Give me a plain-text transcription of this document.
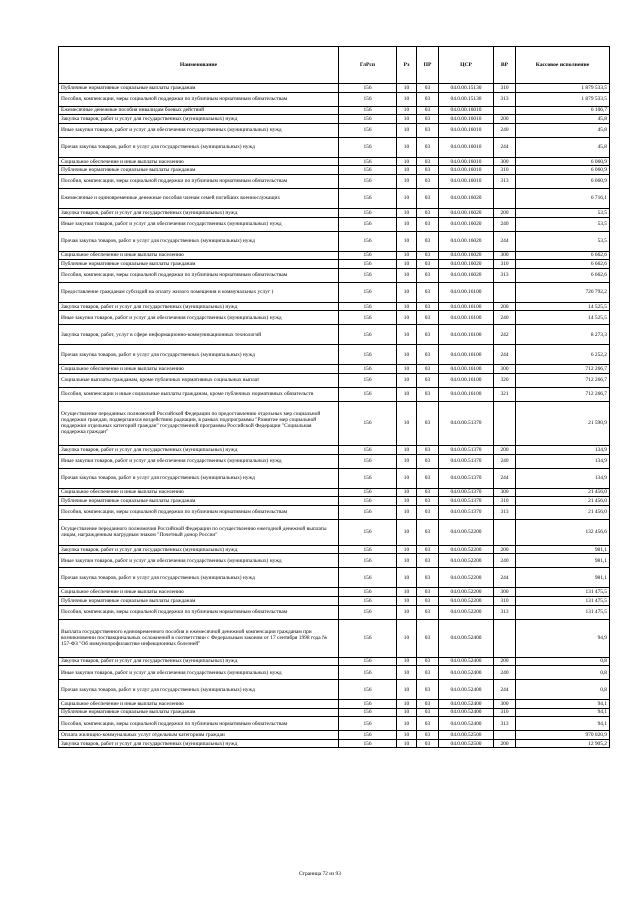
Наименование	ГлРсп	Рз	ПР	ЦСР	ВР	Кассовое исполнение
Публичные нормативные социальные выплаты гражданам	156	10	03	04.0.00.15130	310	1 879 533,5
Пособия, компенсации, меры социальной поддержки по публичным нормативным обязательствам	156	10	03	04.0.00.15130	313	1 879 533,5
Ежемесячные денежные пособия инвалидам боевых действий	156	10	03	04.0.00.16010		6 106,7
Закупка товаров, работ и услуг для государственных (муниципальных) нужд	156	10	03	04.0.00.16010	200	45,8
Иные закупки товаров, работ и услуг для обеспечения государственных (муниципальных) нужд	156	10	03	04.0.00.16010	240	45,8
Прочая закупка товаров, работ и услуг для государственных (муниципальных) нужд	156	10	03	04.0.00.16010	244	45,8
Социальное обеспечение и иные выплаты населению	156	10	03	04.0.00.16010	300	6 060,9
Публичные нормативные социальные выплаты гражданам	156	10	03	04.0.00.16010	310	6 060,9
Пособия, компенсации, меры социальной поддержки по публичным нормативным обязательствам	156	10	03	04.0.00.16010	313	6 060,9
Ежемесячные и единовременные денежные пособия членам семей погибших военнослужащих	156	10	03	04.0.00.16020		6 716,1
Закупка товаров, работ и услуг для государственных (муниципальных) нужд	156	10	03	04.0.00.16020	200	53,5
Иные закупки товаров, работ и услуг для обеспечения государственных (муниципальных) нужд	156	10	03	04.0.00.16020	240	53,5
Прочая закупка товаров, работ и услуг для государственных (муниципальных) нужд	156	10	03	04.0.00.16020	244	53,5
Социальное обеспечение и иные выплаты населению	156	10	03	04.0.00.16020	300	6 662,6
Публичные нормативные социальные выплаты гражданам	156	10	03	04.0.00.16020	310	6 662,6
Пособия, компенсации, меры социальной поддержки по публичным нормативным обязательствам	156	10	03	04.0.00.16020	313	6 662,6
Предоставление гражданам субсидий на оплату жилого помещения и коммунальных услуг )	156	10	03	04.0.00.16100		726 792,2
Закупка товаров, работ и услуг для государственных (муниципальных) нужд	156	10	03	04.0.00.16100	200	14 525,5
Иные закупки товаров, работ и услуг для обеспечения государственных (муниципальных) нужд	156	10	03	04.0.00.16100	240	14 525,5
Закупка товаров, работ, услуг в сфере информационно-коммуникационных технологий	156	10	03	04.0.00.16100	242	8 273,3
Прочая закупка товаров, работ и услуг для государственных (муниципальных) нужд	156	10	03	04.0.00.16100	244	6 252,2
Социальное обеспечение и иные выплаты населению	156	10	03	04.0.00.16100	300	712 266,7
Социальные выплаты гражданам, кроме публичных нормативных социальных выплат	156	10	03	04.0.00.16100	320	712 266,7
Пособия, компенсации и иные социальные выплаты гражданам, кроме публичных нормативных обязательств	156	10	03	04.0.00.16100	321	712 266,7
Осуществление переданных полномочий Российской Федерации по предоставлению отдельных мер социальной поддержки граждан, подвергшихся воздействию радиации, в рамках подпрограммы "Развитие мер социальной поддержки отдельных категорий граждан" государственной программы Российской Федерации "Социальная поддержка граждан"	156	10	03	04.0.00.51370		21 590,9
Закупка товаров, работ и услуг для государственных (муниципальных) нужд	156	10	03	04.0.00.51370	200	134,9
Иные закупки товаров, работ и услуг для обеспечения государственных (муниципальных) нужд	156	10	03	04.0.00.51370	240	134,9
Прочая закупка товаров, работ и услуг для государственных (муниципальных) нужд	156	10	03	04.0.00.51370	244	134,9
Социальное обеспечение и иные выплаты населению	156	10	03	04.0.00.51370	300	21 456,0
Публичные нормативные социальные выплаты гражданам	156	10	03	04.0.00.51370	310	21 456,0
Пособия, компенсации, меры социальной поддержки по публичным нормативным обязательствам	156	10	03	04.0.00.51370	313	21 456,0
Осуществление переданного полномочия Российской Федерации по осуществлению ежегодной денежной выплаты лицам, награжденным нагрудным знаком "Почетный донор России"	156	10	03	04.0.00.52200		132 456,6
Закупка товаров, работ и услуг для государственных (муниципальных) нужд	156	10	03	04.0.00.52200	200	981,1
Иные закупки товаров, работ и услуг для обеспечения государственных (муниципальных) нужд	156	10	03	04.0.00.52200	240	981,1
Прочая закупка товаров, работ и услуг для государственных (муниципальных) нужд	156	10	03	04.0.00.52200	244	981,1
Социальное обеспечение и иные выплаты населению	156	10	03	04.0.00.52200	300	131 475,5
Публичные нормативные социальные выплаты гражданам	156	10	03	04.0.00.52200	310	131 475,5
Пособия, компенсации, меры социальной поддержки по публичным нормативным обязательствам	156	10	03	04.0.00.52200	313	131 475,5
Выплата государственного единовременного пособия и ежемесячной денежной компенсации гражданам при возникновении поствакцинальных осложнений в соответствии с Федеральным законом от 17 сентября 1998 года № 157-ФЗ "Об иммунопрофилактике инфекционных болезней"	156	10	03	04.0.00.52400		94,9
Закупка товаров, работ и услуг для государственных (муниципальных) нужд	156	10	03	04.0.00.52400	200	0,8
Иные закупки товаров, работ и услуг для обеспечения государственных (муниципальных) нужд	156	10	03	04.0.00.52400	240	0,8
Прочая закупка товаров, работ и услуг для государственных (муниципальных) нужд	156	10	03	04.0.00.52400	244	0,8
Социальное обеспечение и иные выплаты населению	156	10	03	04.0.00.52400	300	94,1
Публичные нормативные социальные выплаты гражданам	156	10	03	04.0.00.52400	310	94,1
Пособия, компенсации, меры социальной поддержки по публичным нормативным обязательствам	156	10	03	04.0.00.52400	313	94,1
Оплата жилищно-коммунальных услуг отдельным категориям граждан	156	10	03	04.0.00.52500		970 020,9
Закупка товаров, работ и услуг для государственных (муниципальных) нужд	156	10	03	04.0.00.52500	200	12 905,2
Страница 72 из 93
